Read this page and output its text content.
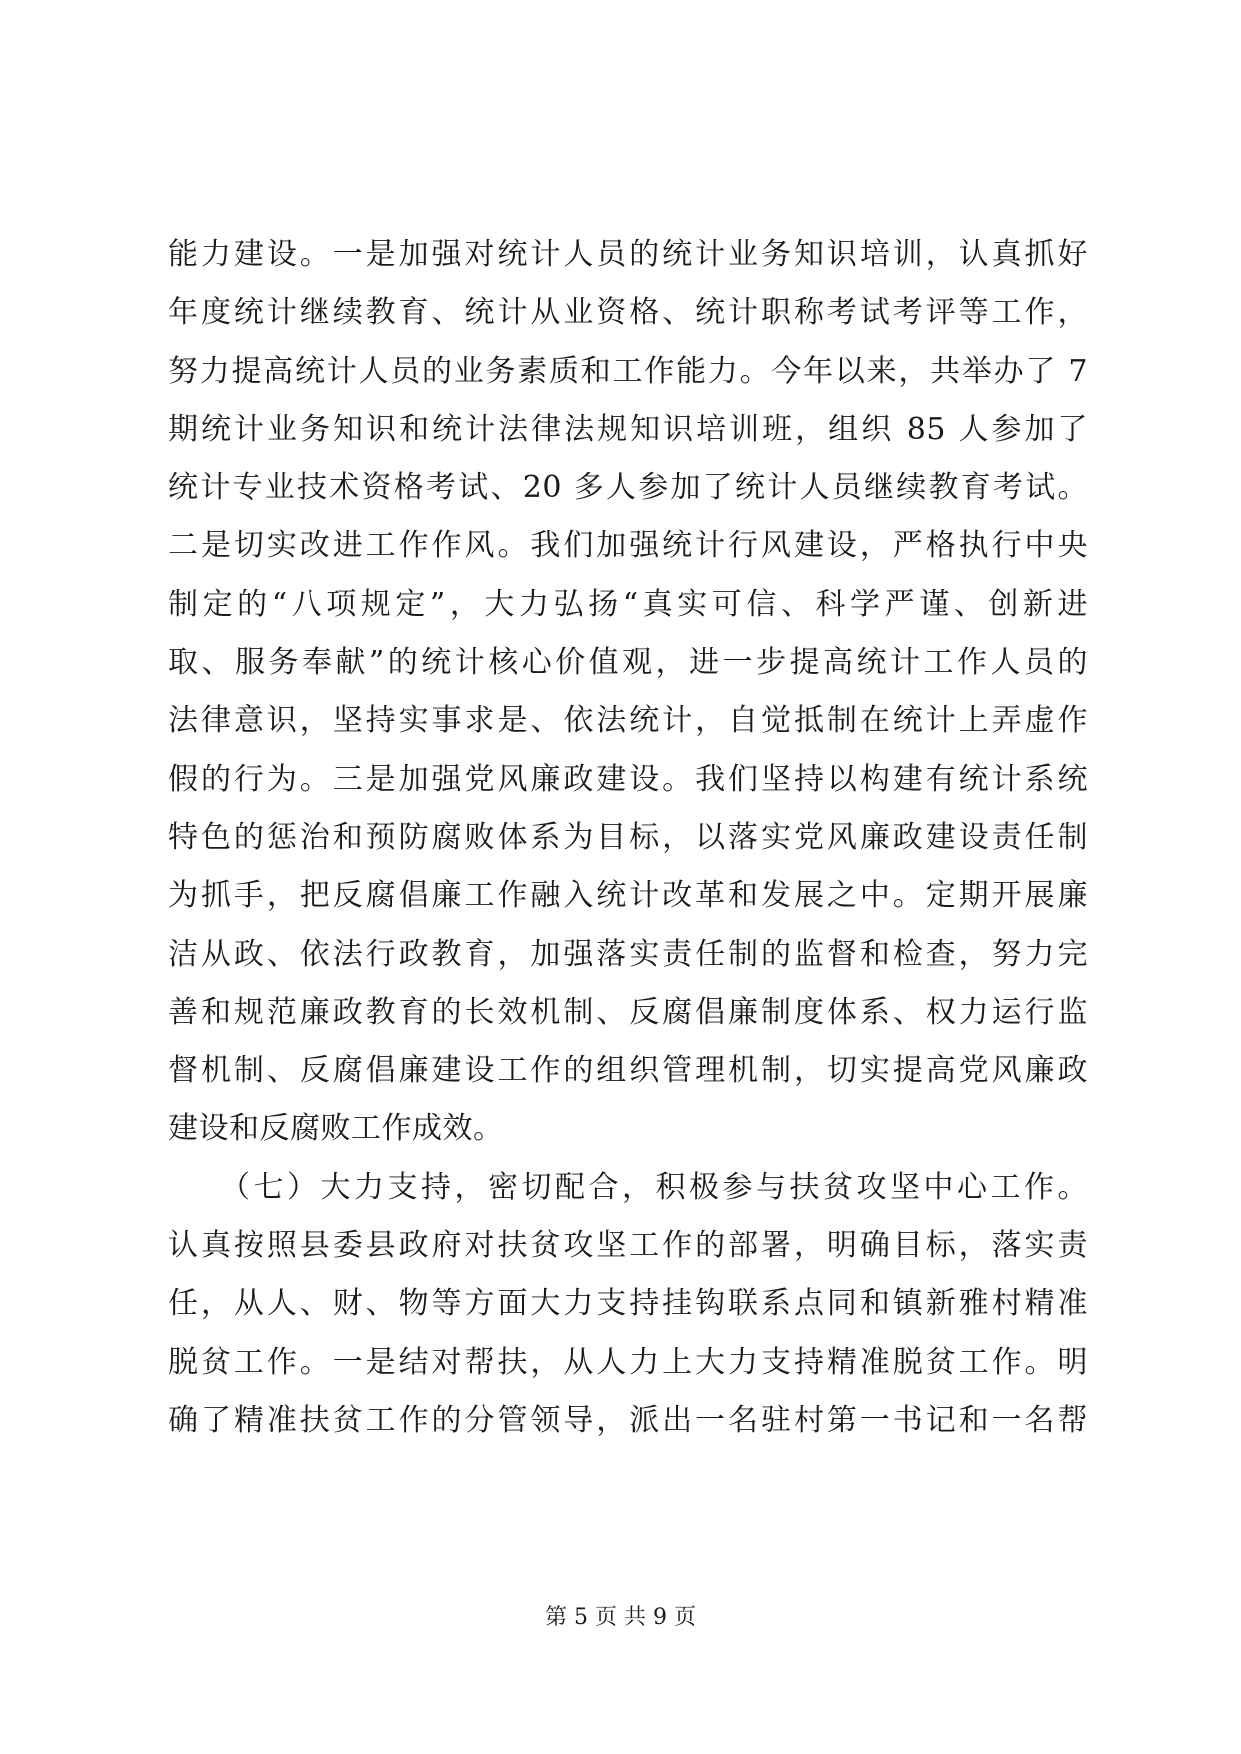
能力建设。一是加强对统计人员的统计业务知识培训，认真抓好
年度统计继续教育、统计从业资格、统计职称考试考评等工作，
努力提高统计人员的业务素质和工作能力。今年以来，共举办了 7
期统计业务知识和统计法律法规知识培训班，组织 85 人参加了
统计专业技术资格考试、20 多人参加了统计人员继续教育考试。
二是切实改进工作作风。我们加强统计行风建设，严格执行中央
制定的“八项规定”，大力弘扬“真实可信、科学严谨、创新进
取、服务奉献”的统计核心价值观，进一步提高统计工作人员的
法律意识，坚持实事求是、依法统计，自觉抵制在统计上弄虚作
假的行为。三是加强党风廉政建设。我们坚持以构建有统计系统
特色的惩治和预防腐败体系为目标，以落实党风廉政建设责任制
为抓手，把反腐倡廉工作融入统计改革和发展之中。定期开展廉
洁从政、依法行政教育，加强落实责任制的监督和检查，努力完
善和规范廉政教育的长效机制、反腐倡廉制度体系、权力运行监
督机制、反腐倡廉建设工作的组织管理机制，切实提高党风廉政
建设和反腐败工作成效。
　　（七）大力支持，密切配合，积极参与扶贫攻坚中心工作。
认真按照县委县政府对扶贫攻坚工作的部署，明确目标，落实责
任，从人、财、物等方面大力支持挂钩联系点同和镇新雅村精准
脱贫工作。一是结对帮扶，从人力上大力支持精准脱贫工作。明
确了精准扶贫工作的分管领导，派出一名驻村第一书记和一名帮
第 5 页 共 9 页
